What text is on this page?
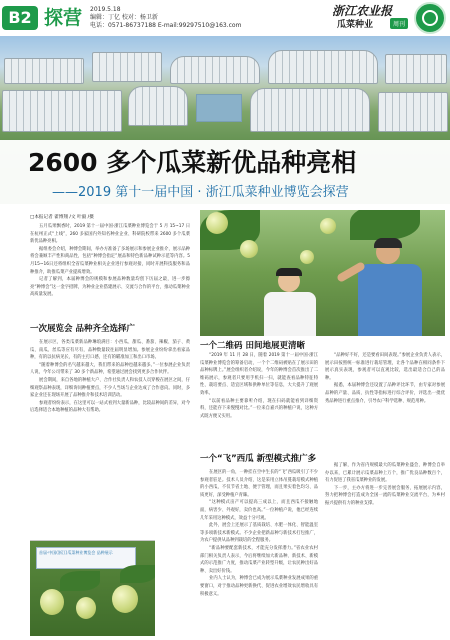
B2 探营 2019.5.18
编辑：丁亿 校对：杨卫新
电话：0571-86737188 E-mail:99297510@163.com
浙江农业报
瓜菜种业	周刊
2600 多个瓜菜新优品种亮相
——2019 第十一届中国 · 浙江瓜菜种业博览会探营
□本报记者 翟博翔 /文 叶毅 /摄

五月瓜果飘香时，2019 第十一届中国·浙江瓜菜种业博览会于 5 月 15~17 日在杭州正式“上线”，260 多家国内外知名种业企业、科研院校带来 2600 多个瓜菜新优品种亮相。

据组委会介绍，种博会期间，举办方准备了多场展示和参展企业推介，展示品种将会兼顾丰产性和商品性，包括“种博会指定”展品和特色新品种试种示范等内容。5月15~16日还将组织全省瓜菜种业相关企业进行参观对接，同时开展科技服务和品种推介，助推瓜菜产业提质增效。

记者了解到，本届种博会的规模和参展品种数量均创下历届之最，进一步擦亮“种博会”这一金字招牌，为种业企业搭建展示、交流与合作的平台，推动瓜菜种业高质量发展。

一次展览会 品种齐全选择广

在展示区，各类瓜菜新品种琳琅满目：小西瓜、甜瓜、番茄、辣椒、茄子、黄瓜、南瓜、丝瓜等应有尽有，品种数量较往届明显增加。参展企业纷纷拿出看家品种，有的以抗病见长，有的主打口感，还有的瞄准加工和出口市场。

“随着种博会的名气越来越大，我们带来的品种也越来越多。”一位参展企业负责人说，今年公司带来了 30 多个新品种，希望通过展会找到更多合作伙伴。

展会期间，来自各地的种植大户、合作社负责人和农技人员穿梭在展区之间，仔细观察品种表现，详细询问种植要点，不少人当场与企业达成了合作意向。同时，多家企业还在现场开展了品种推介和技术培训活动。

参观者纷纷表示，在这里可以一站式看到大量新品种，比较品种间的差异，对今后选择适合本地种植的品种大有帮助。

一个二维码 田间地展更清晰

“2019 年 11 月 28 日，随着 2019 第十一届中国·浙江瓜菜种业博览会的筹备启动，一个个二维码被贴在了展示田的品种标牌上。”展会组织者介绍说，今年的种博会首次推出了二维码展示，参观者只要用手机扫一扫，就能查看品种特征特性、栽培要点、适宜区域和供种单位等信息，大大提升了观展效率。

“以前看品种主要靠听介绍，现在扫码就能看到详细资料，还能存下来慢慢对比。”一位来自嘉兴的种植户说，这种方式既方便又实用。

“品种好不好，还是要看田间表现。”参展企业负责人表示，展示田按照统一标准进行栽培管理，让各个品种在相同条件下展示真实表现，参观者可以直观比较，选出最适合自己的品种。

据悉，本届种博会还设置了品种评比环节，由专家对参展品种的产量、品质、抗性等指标进行综合评价，评选出一批优秀品种进行重点推介，引导农户科学选种、规范用种。

一个“飞”西瓜 新型模式推广多

在展区的一角，一种挂在空中生长的“飞”西瓜吸引了不少参观者驻足。技术人员介绍，这是采用立体吊蔓栽培模式种植的小西瓜，不仅节省土地、便于管理，而且果实着色均匀、品质更好，深受种植户青睐。

“这种模式亩产可以提高三成以上，而且西瓜不接触地面，病害少、外观好，卖价也高。”一位种植户说，他已经连续几年采用这种模式，效益十分可观。

此外，展会上还展示了基质栽培、水肥一体化、智能温室等多项新技术新模式。不少企业把新品种与新技术打包推广，为农户提供从品种到栽培的全程服务。

“新品种要配套新技术，才能充分发挥潜力。”省农业农村部门相关负责人表示，今后将继续加大新品种、新技术、新模式的示范推广力度，推动瓜菜产业转型升级，让农民种出好品种、卖出好价钱。

业内人士认为，种博会已成为展示瓜菜种业发展成果的重要窗口，对于推动品种更新换代、促进农业增效农民增收具有积极意义。

据了解，作为省内规模最大的瓜菜种业盛会，种博会自举办以来，已累计展示瓜菜品种上万个，推广优良品种数百个，有力促进了我省瓜菜种业的发展。

下一步，主办方将进一步完善展会服务，拓展展示内容，努力把种博会打造成为全国一流的瓜菜种业交流平台，为乡村振兴提供有力的种业支撑。

首届·中国(浙江)瓜菜种业博览会 品种展示
